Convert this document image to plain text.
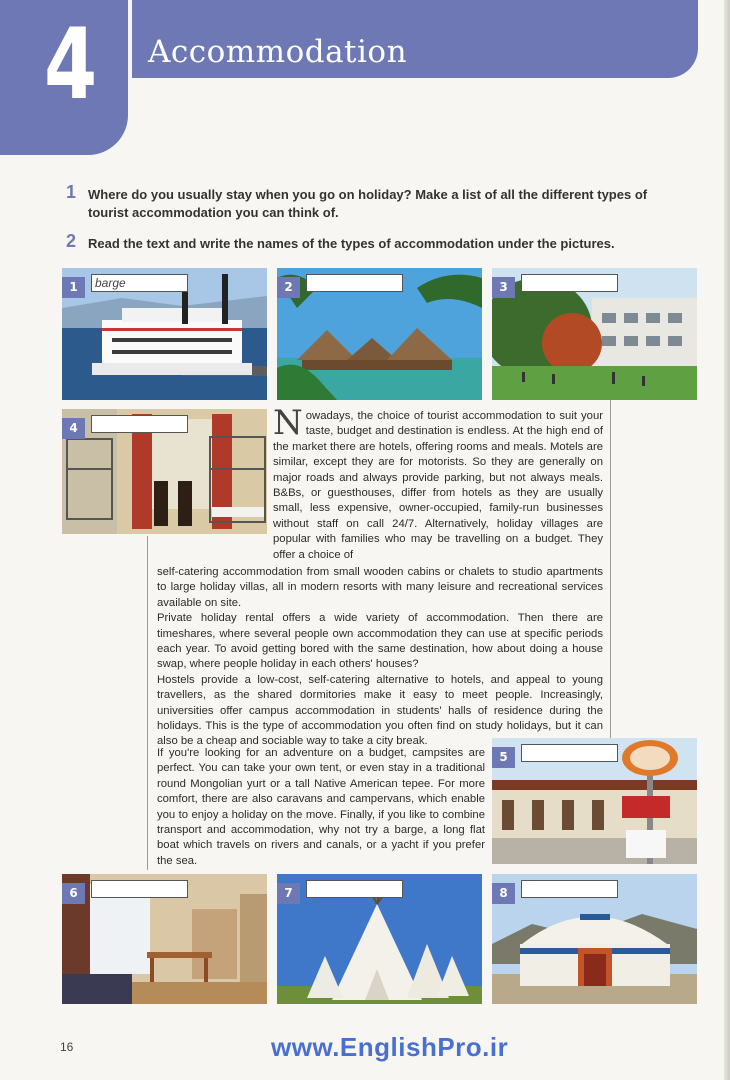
4 Accommodation
1 Where do you usually stay when you go on holiday? Make a list of all the different types of tourist accommodation you can think of.
2 Read the text and write the names of the types of accommodation under the pictures.
1	barge	2	3
4
5
6	7	8
Nowadays, the choice of tourist accommodation to suit your taste, budget and destination is endless. At the high end of the market there are hotels, offering rooms and meals. Motels are similar, except they are for motorists. So they are generally on major roads and always provide parking, but not always meals. B&Bs, or guesthouses, differ from hotels as they are usually small, less expensive, owner-occupied, family-run businesses without staff on call 24/7. Alternatively, holiday villages are popular with families who may be travelling on a budget. They offer a choice of

self-catering accommodation from small wooden cabins or chalets to studio apartments to large holiday villas, all in modern resorts with many leisure and recreational services available on site.

Private holiday rental offers a wide variety of accommodation. Then there are timeshares, where several people own accommodation they can use at specific periods each year. To avoid getting bored with the same destination, how about doing a house swap, where people holiday in each others' houses?

Hostels provide a low-cost, self-catering alternative to hotels, and appeal to young travellers, as the shared dormitories make it easy to meet people. Increasingly, universities offer campus accommodation in students' halls of residence during the holidays. This is the type of accommodation you often find on study holidays, but it can also be a cheap and sociable way to take a city break.

If you're looking for an adventure on a budget, campsites are perfect. You can take your own tent, or even stay in a traditional round Mongolian yurt or a tall Native American tepee. For more comfort, there are also caravans and campervans, which enable you to enjoy a holiday on the move. Finally, if you like to combine transport and accommodation, why not try a barge, a long flat boat which travels on rivers and canals, or a yacht if you prefer the sea.

16	www.EnglishPro.ir
